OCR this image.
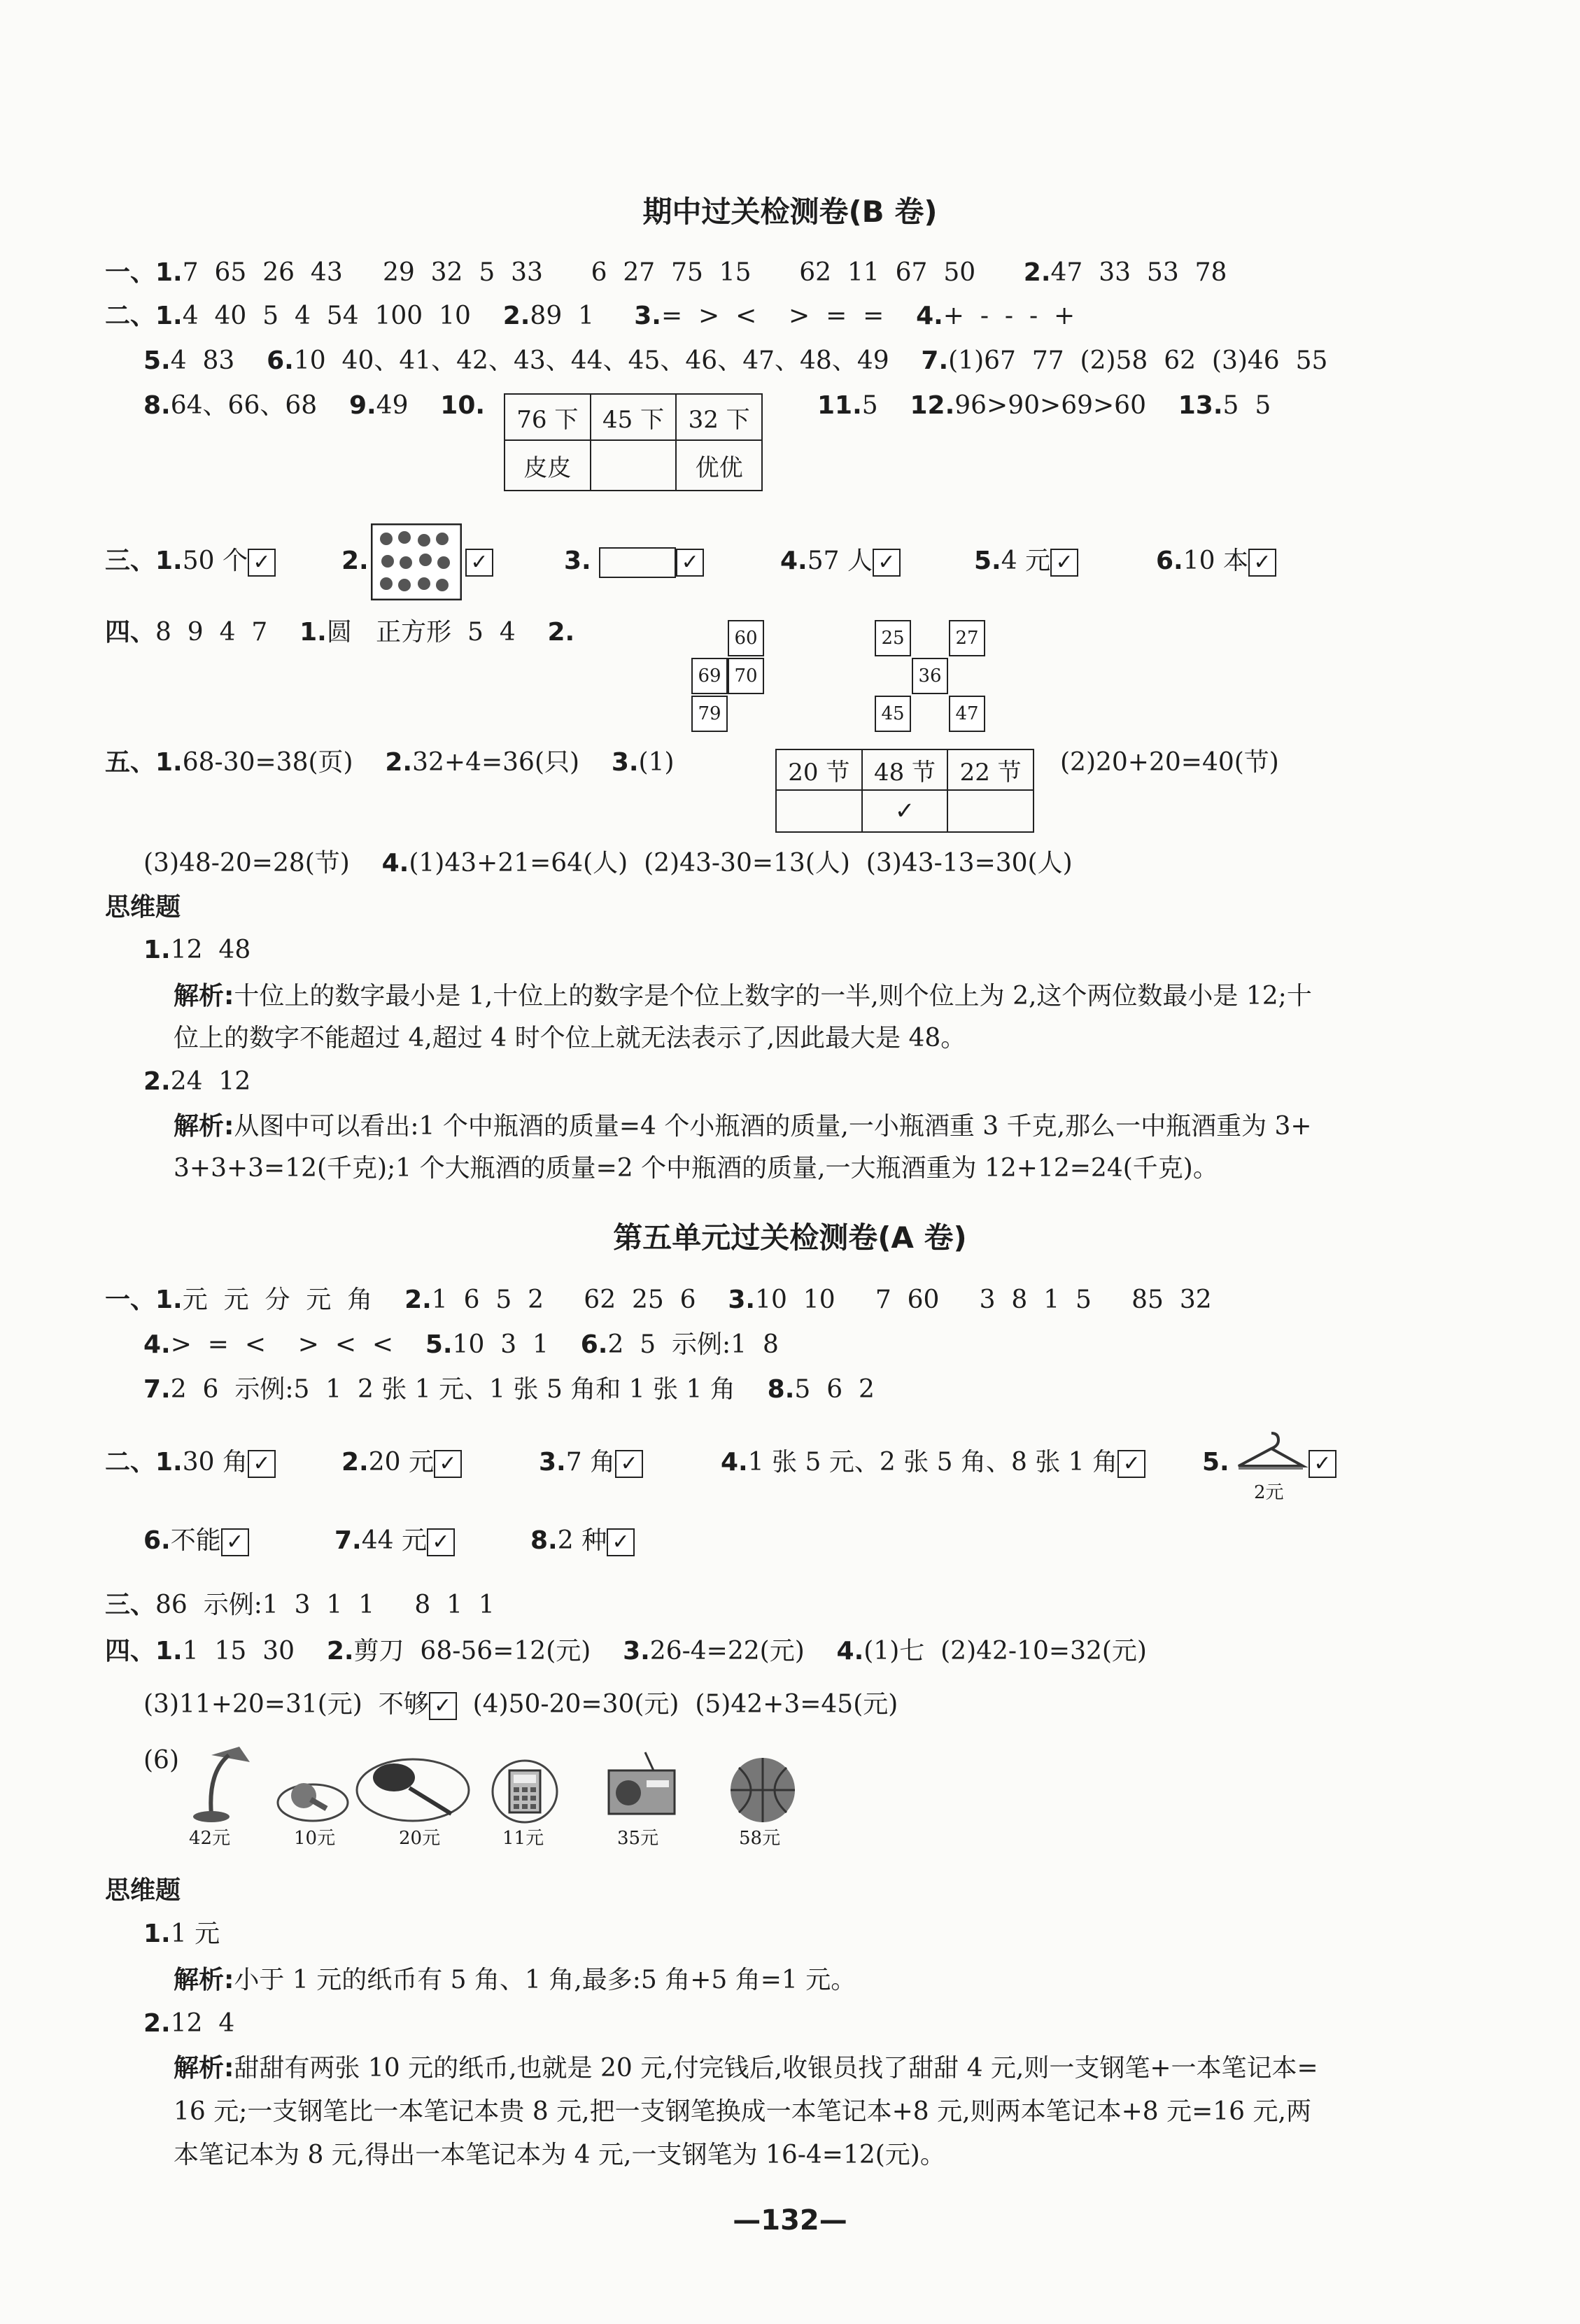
期中过关检测卷(B 卷)
一、1.7  65  26  43     29  32  5  33      6  27  75  15      62  11  67  50      2.47  33  53  78
二、1.4  40  5  4  54  100  10    2.89  1     3.=  >  <    >  =  =    4.+  -  -  -  +
5.4  83    6.10  40、41、42、43、44、45、46、47、48、49    7.(1)67  77  (2)58  62  (3)46  55
8.64、66、68    9.49    10. 76 下	45 下	32 下
皮皮		优优
11.5    12.96>90>69>60    13.5  5
三、1.50 个 ✓	2.	✓	3.	✓	4.57 人 ✓	5.4 元 ✓	6.10 本 ✓
四、8  9  4  7    1.圆   正方形  5  4    2.	60
69 70
79
25	27
36
45	47
五、1.68-30=38(页)    2.32+4=36(只)    3.(1)	20 节	48 节	22 节
	✓	
(2)20+20=40(节)
(3)48-20=28(节)    4.(1)43+21=64(人)  (2)43-30=13(人)  (3)43-13=30(人)
思维题
1.12  48
解析:十位上的数字最小是 1,十位上的数字是个位上数字的一半,则个位上为 2,这个两位数最小是 12;十
位上的数字不能超过 4,超过 4 时个位上就无法表示了,因此最大是 48。
2.24  12
解析:从图中可以看出:1 个中瓶酒的质量=4 个小瓶酒的质量,一小瓶酒重 3 千克,那么一中瓶酒重为 3+
3+3+3=12(千克);1 个大瓶酒的质量=2 个中瓶酒的质量,一大瓶酒重为 12+12=24(千克)。
第五单元过关检测卷(A 卷)
一、1.元  元  分  元  角    2.1  6  5  2     62  25  6    3.10  10     7  60     3  8  1  5     85  32
4.>  =  <    >  <  <    5.10  3  1    6.2  5  示例:1  8
7.2  6  示例:5  1  2 张 1 元、1 张 5 角和 1 张 1 角    8.5  6  2
二、1.30 角 ✓	2.20 元 ✓	3.7 角 ✓	4.1 张 5 元、2 张 5 角、8 张 1 角 ✓ 5.
2元
✓
6.不能 ✓	7.44 元 ✓	8.2 种 ✓
三、86  示例:1  3  1  1     8  1  1
四、1.1  15  30    2.剪刀  68-56=12(元)    3.26-4=22(元)    4.(1)七  (2)42-10=32(元)
(3)11+20=31(元)  不够 ✓ (4)50-20=30(元)  (5)42+3=45(元)
(6)
42元	10元	20元	11元	35元	58元
思维题
1.1 元
解析:小于 1 元的纸币有 5 角、1 角,最多:5 角+5 角=1 元。
2.12  4
解析:甜甜有两张 10 元的纸币,也就是 20 元,付完钱后,收银员找了甜甜 4 元,则一支钢笔+一本笔记本=
16 元;一支钢笔比一本笔记本贵 8 元,把一支钢笔换成一本笔记本+8 元,则两本笔记本+8 元=16 元,两
本笔记本为 8 元,得出一本笔记本为 4 元,一支钢笔为 16-4=12(元)。
—132—
